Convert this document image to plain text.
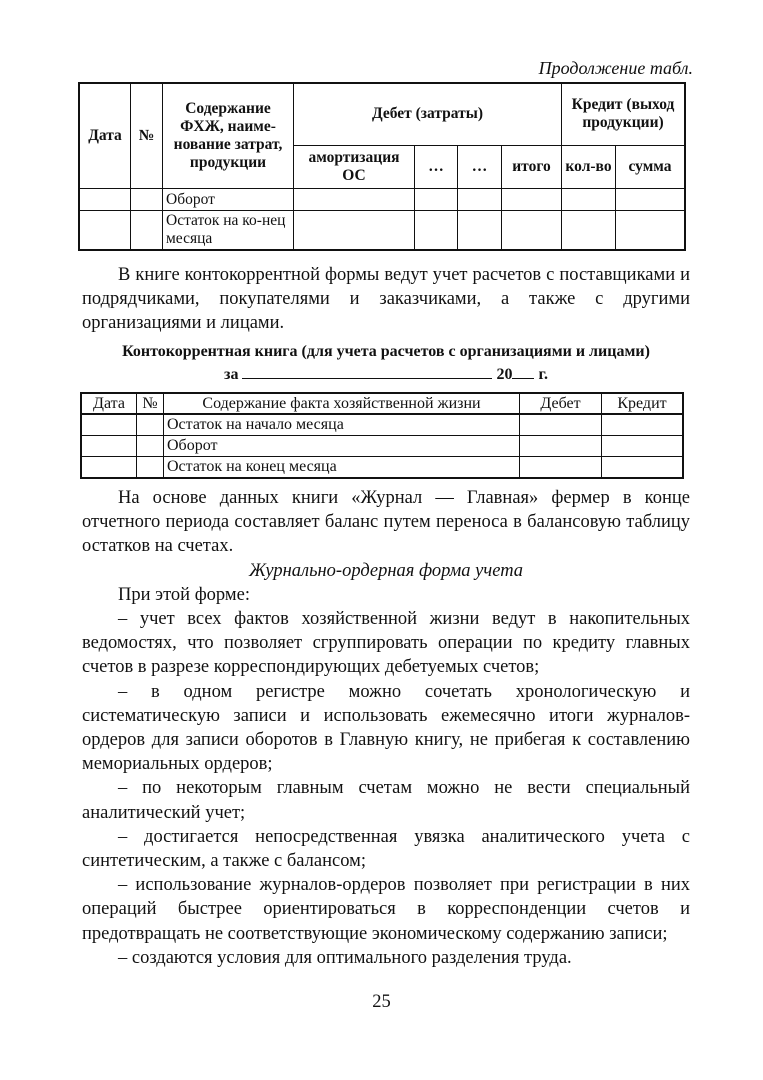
Продолжение табл.
Дата	№	Содержание ФХЖ, наиме-нование затрат, продукции	Дебет (затраты)				Кредит (выход продукции)	
			амортизация ОС	…	…	итого	кол-во	сумма
		Оборот						
		Остаток на ко-нец месяца						

В книге контокоррентной формы ведут учет расчетов с поставщиками и подрядчиками, покупателями и заказчиками, а также с другими организациями и лицами.

Контокоррентная книга (для учета расчетов с организациями и лицами)
за	20 г.
Дата	№	Содержание факта хозяйственной жизни	Дебет	Кредит
		Остаток на начало месяца		
		Оборот		
		Остаток на конец месяца		

На основе данных книги «Журнал — Главная» фермер в конце отчетного периода составляет баланс путем переноса в балансовую таблицу остатков на счетах.

Журнально-ордерная форма учета

При этой форме:

– учет всех фактов хозяйственной жизни ведут в накопительных ведомостях, что позволяет сгруппировать операции по кредиту главных счетов в разрезе корреспондирующих дебетуемых счетов;

– в одном регистре можно сочетать хронологическую и систематическую записи и использовать ежемесячно итоги журналов-ордеров для записи оборотов в Главную книгу, не прибегая к составлению мемориальных ордеров;

– по некоторым главным счетам можно не вести специальный аналитический учет;

– достигается непосредственная увязка аналитического учета с синтетическим, а также с балансом;

– использование журналов-ордеров позволяет при регистрации в них операций быстрее ориентироваться в корреспонденции счетов и предотвращать не соответствующие экономическому содержанию записи;

– создаются условия для оптимального разделения труда.

25
